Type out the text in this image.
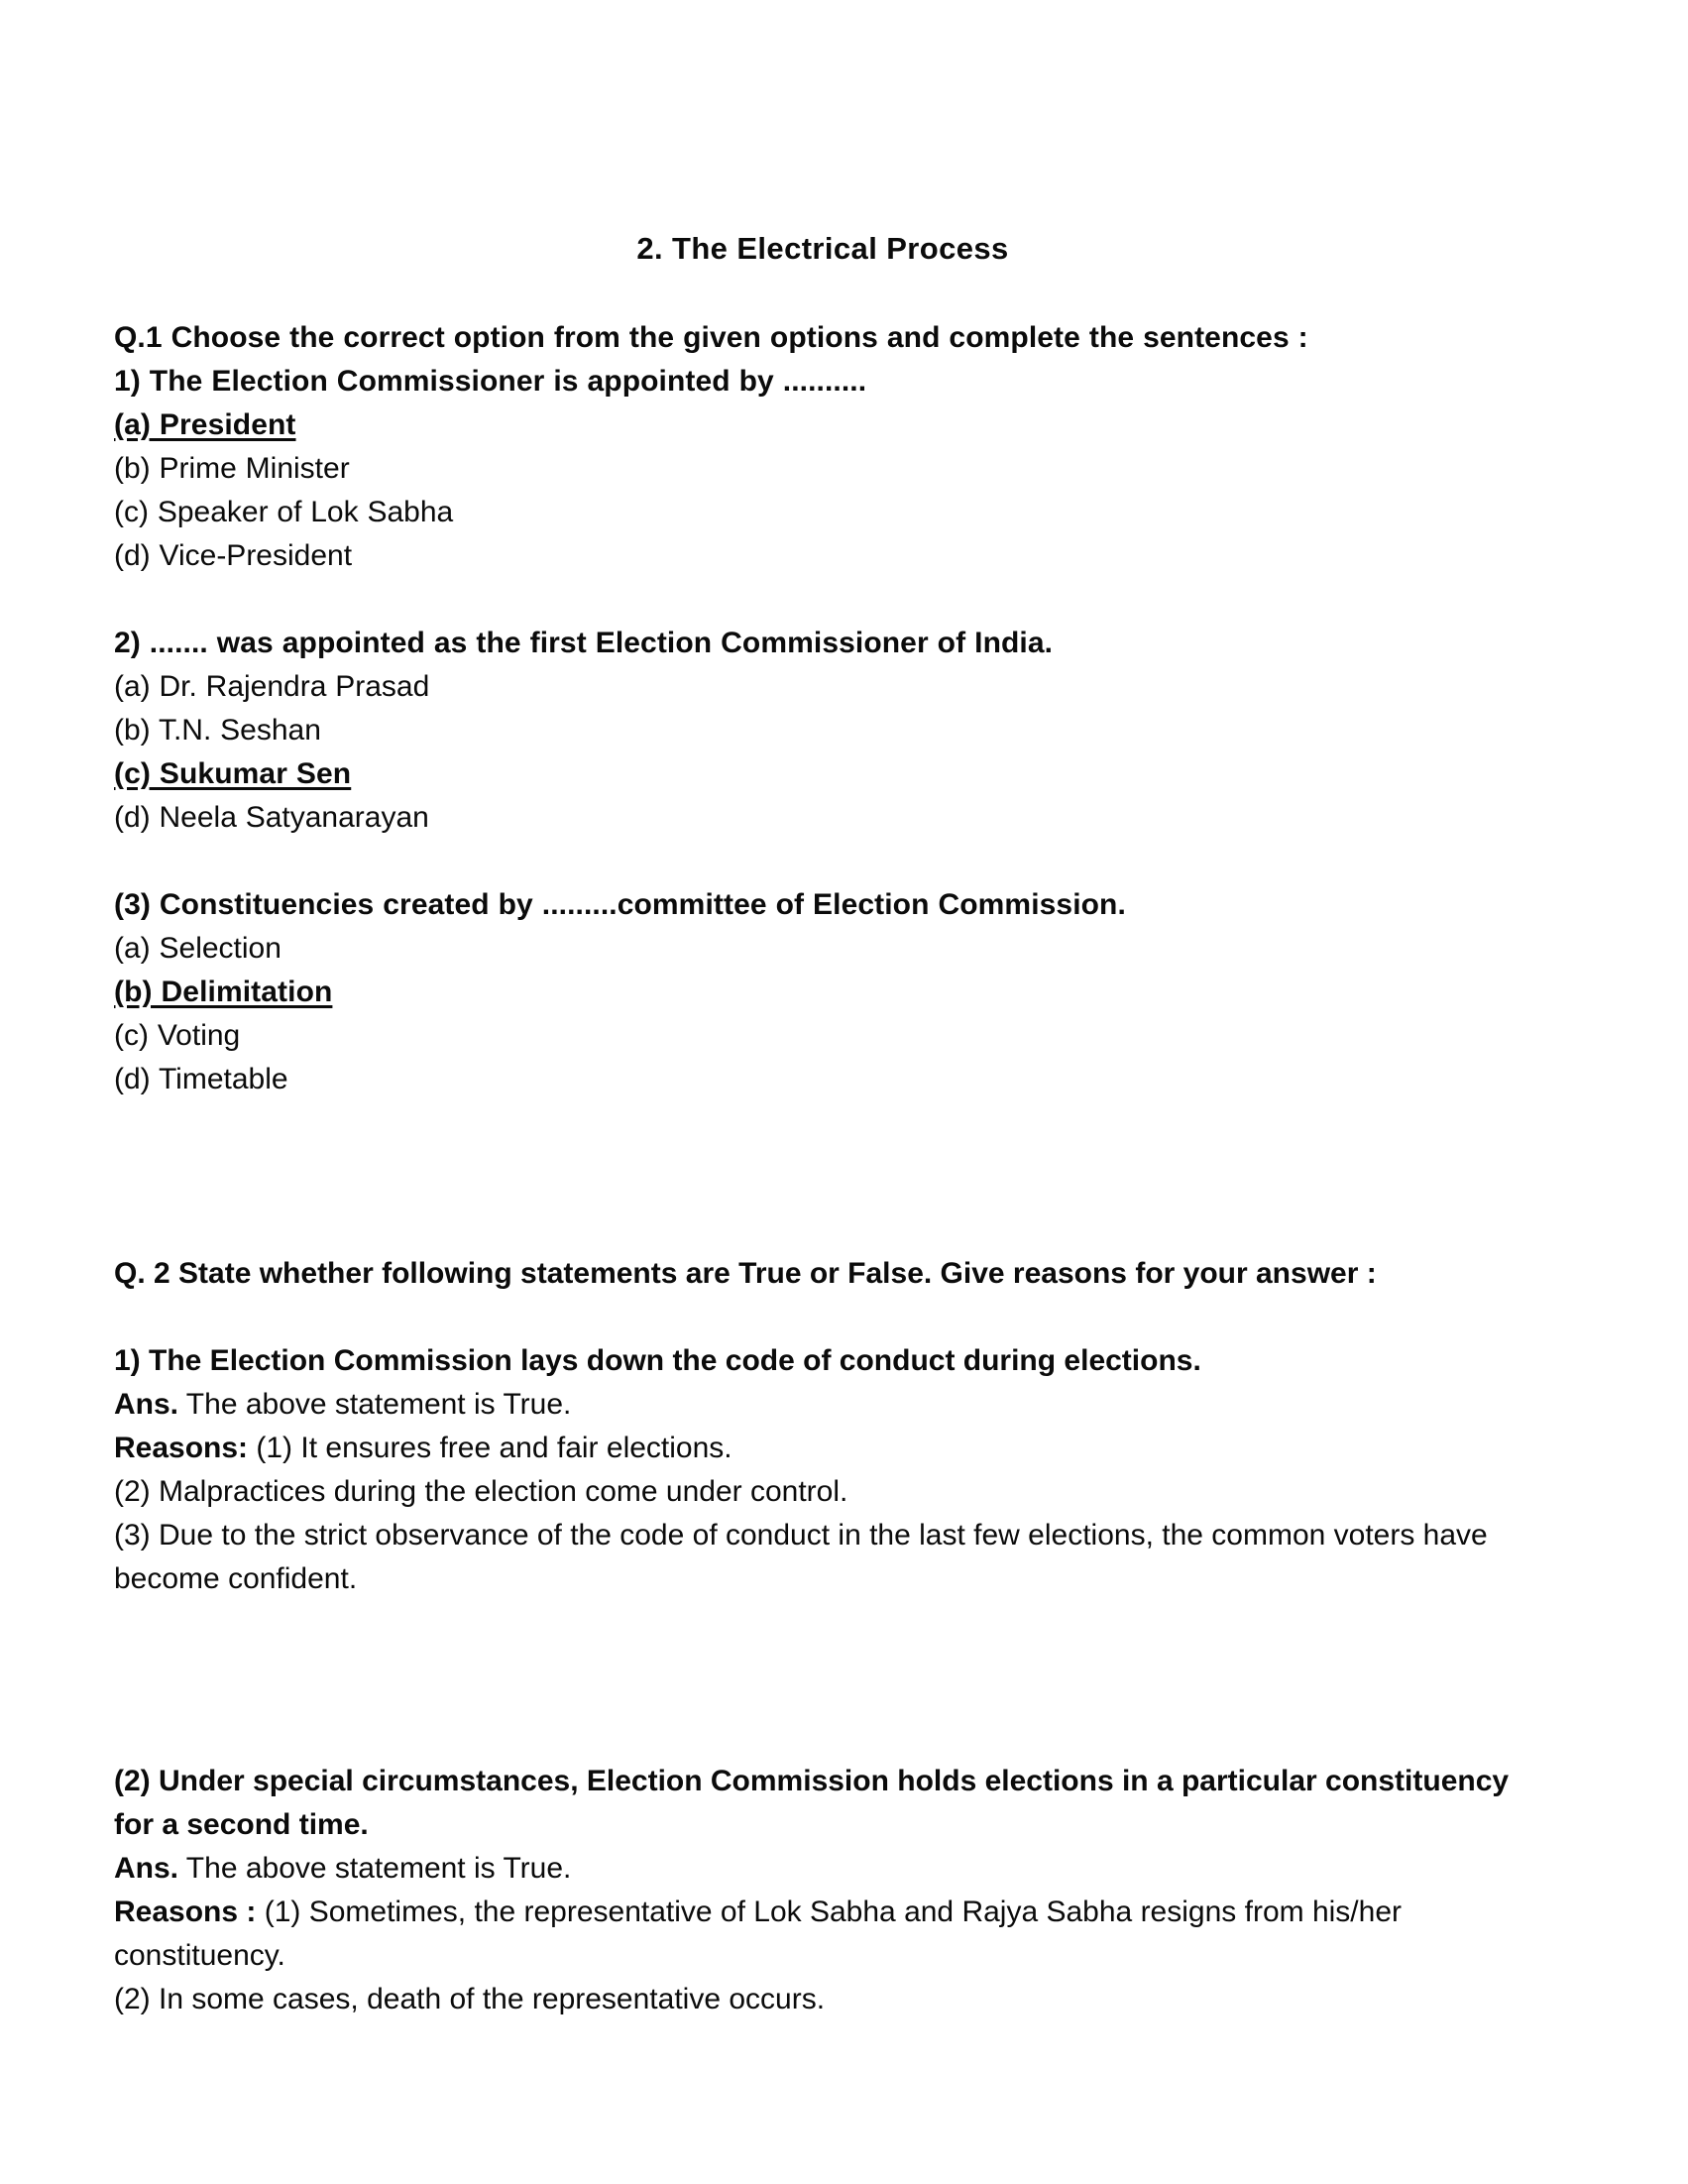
2. The Electrical Process
Q.1 Choose the correct option from the given options and complete the sentences :
1) The Election Commissioner is appointed by ..........
(a) President
(b) Prime Minister
(c) Speaker of Lok Sabha
(d) Vice-President
2) ....... was appointed as the first Election Commissioner of India.
(a) Dr. Rajendra Prasad
(b) T.N. Seshan
(c) Sukumar Sen
(d) Neela Satyanarayan
(3) Constituencies created by .........committee of Election Commission.
(a) Selection
(b) Delimitation
(c) Voting
(d) Timetable
Q. 2 State whether following statements are True or False. Give reasons for your answer :
1) The Election Commission lays down the code of conduct during elections.
Ans. The above statement is True.
Reasons: (1) It ensures free and fair elections.
(2) Malpractices during the election come under control.
(3) Due to the strict observance of the code of conduct in the last few elections, the common voters have become confident.
(2) Under special circumstances, Election Commission holds elections in a particular constituency for a second time.
Ans. The above statement is True.
Reasons : (1) Sometimes, the representative of Lok Sabha and Rajya Sabha resigns from his/her constituency.
(2) In some cases, death of the representative occurs.
